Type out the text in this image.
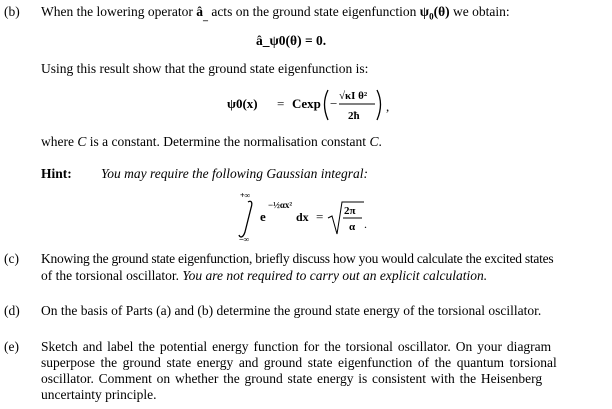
(b) When the lowering operator $â_{\_}$ acts on the ground state eigenfunction $\psi_0(\theta)$ we obtain:
â_ψ0(θ) = 0.
Using this result show that the ground state eigenfunction is:
ψ0(x) = Cexp − √κI θ²
2ħ
,
where C is a constant. Determine the normalisation constant C.
Hint: You may require the following Gaussian integral:
+∞
−∞
e
−½αx²
dx = 2π
α .
(c) Knowing the ground state eigenfunction, briefly discuss how you would calculate the excited states
of the torsional oscillator. You are not required to carry out an explicit calculation.
(d) On the basis of Parts (a) and (b) determine the ground state energy of the torsional oscillator.
(e) Sketch and label the potential energy function for the torsional oscillator. On your diagram
superpose the ground state energy and ground state eigenfunction of the quantum torsional
oscillator. Comment on whether the ground state energy is consistent with the Heisenberg
uncertainty principle.
